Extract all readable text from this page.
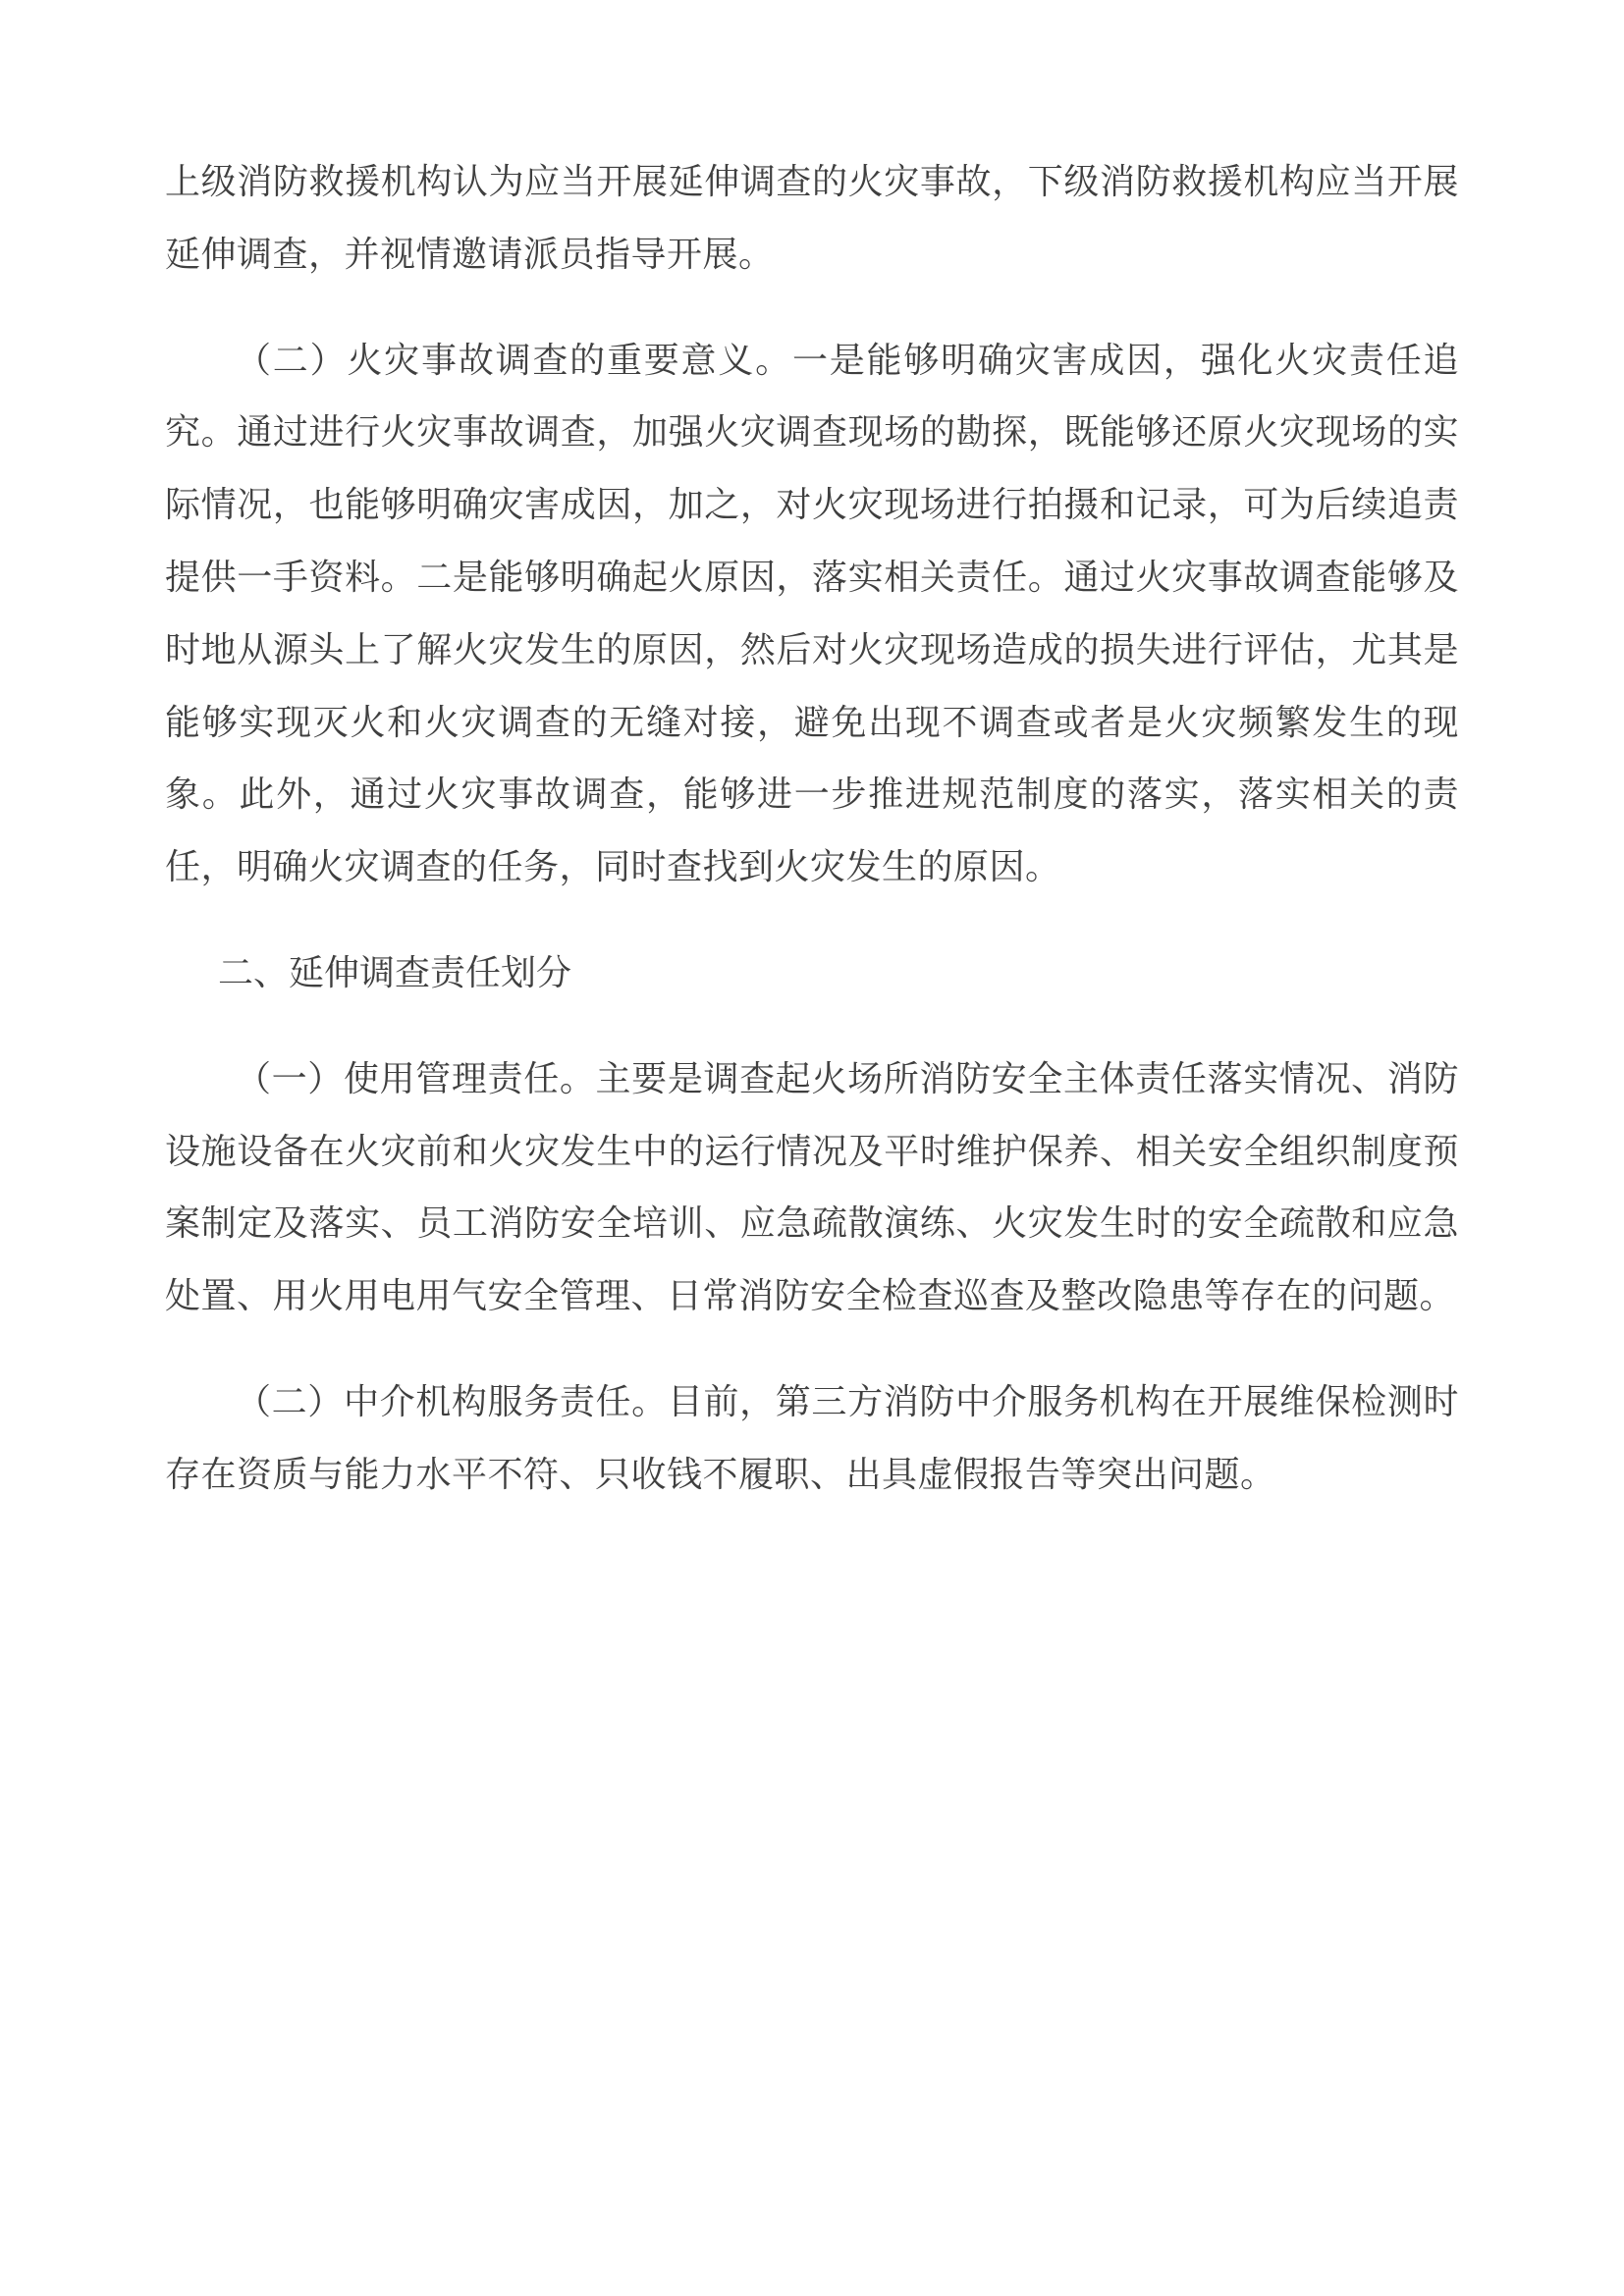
上级消防救援机构认为应当开展延伸调查的火灾事故，下级消防救援机构应当开展延伸调查，并视情邀请派员指导开展。

（二）火灾事故调查的重要意义。一是能够明确灾害成因，强化火灾责任追究。通过进行火灾事故调查，加强火灾调查现场的勘探，既能够还原火灾现场的实际情况，也能够明确灾害成因，加之，对火灾现场进行拍摄和记录，可为后续追责提供一手资料。二是能够明确起火原因，落实相关责任。通过火灾事故调查能够及时地从源头上了解火灾发生的原因，然后对火灾现场造成的损失进行评估，尤其是能够实现灭火和火灾调查的无缝对接，避免出现不调查或者是火灾频繁发生的现象。此外，通过火灾事故调查，能够进一步推进规范制度的落实，落实相关的责任，明确火灾调查的任务，同时查找到火灾发生的原因。

二、延伸调查责任划分

（一）使用管理责任。主要是调查起火场所消防安全主体责任落实情况、消防设施设备在火灾前和火灾发生中的运行情况及平时维护保养、相关安全组织制度预案制定及落实、员工消防安全培训、应急疏散演练、火灾发生时的安全疏散和应急处置、用火用电用气安全管理、日常消防安全检查巡查及整改隐患等存在的问题。

（二）中介机构服务责任。目前，第三方消防中介服务机构在开展维保检测时存在资质与能力水平不符、只收钱不履职、出具虚假报告等突出问题。
